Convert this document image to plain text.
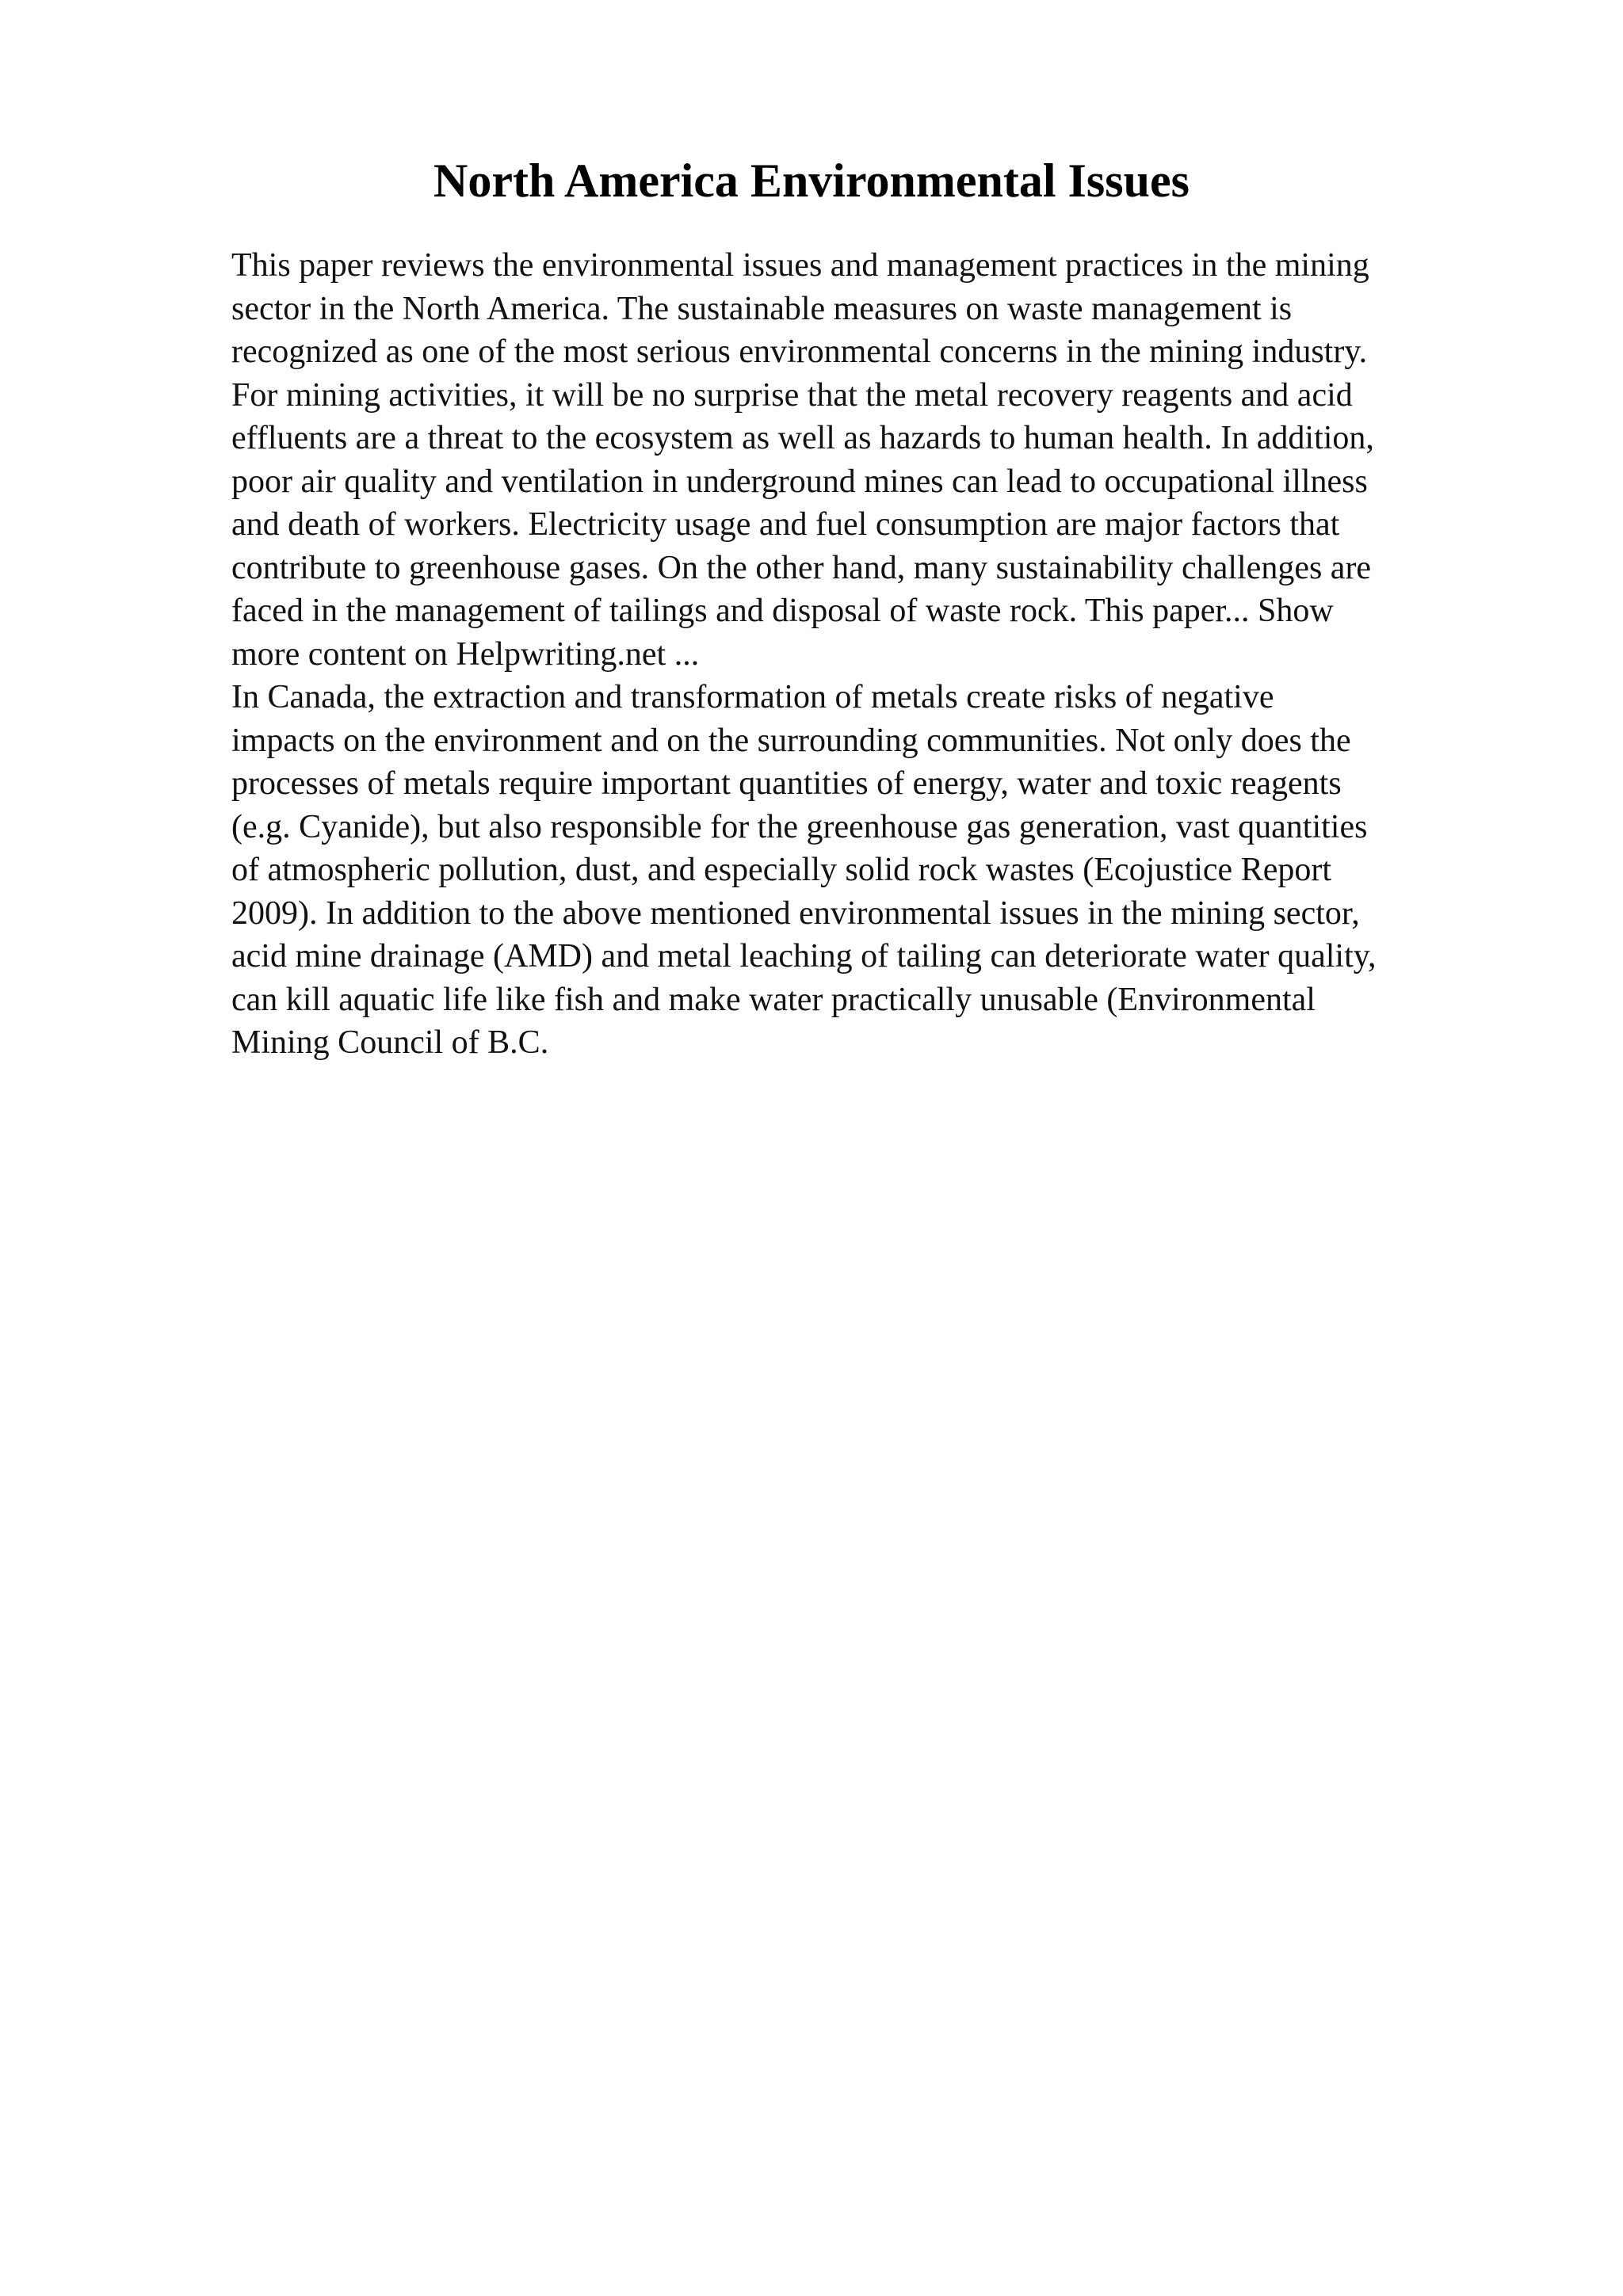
North America Environmental Issues
This paper reviews the environmental issues and management practices in the mining
sector in the North America. The sustainable measures on waste management is
recognized as one of the most serious environmental concerns in the mining industry.
For mining activities, it will be no surprise that the metal recovery reagents and acid
effluents are a threat to the ecosystem as well as hazards to human health. In addition,
poor air quality and ventilation in underground mines can lead to occupational illness
and death of workers. Electricity usage and fuel consumption are major factors that
contribute to greenhouse gases. On the other hand, many sustainability challenges are
faced in the management of tailings and disposal of waste rock. This paper... Show
more content on Helpwriting.net ...
In Canada, the extraction and transformation of metals create risks of negative
impacts on the environment and on the surrounding communities. Not only does the
processes of metals require important quantities of energy, water and toxic reagents
(e.g. Cyanide), but also responsible for the greenhouse gas generation, vast quantities
of atmospheric pollution, dust, and especially solid rock wastes (Ecojustice Report
2009). In addition to the above mentioned environmental issues in the mining sector,
acid mine drainage (AMD) and metal leaching of tailing can deteriorate water quality,
can kill aquatic life like fish and make water practically unusable (Environmental
Mining Council of B.C.
